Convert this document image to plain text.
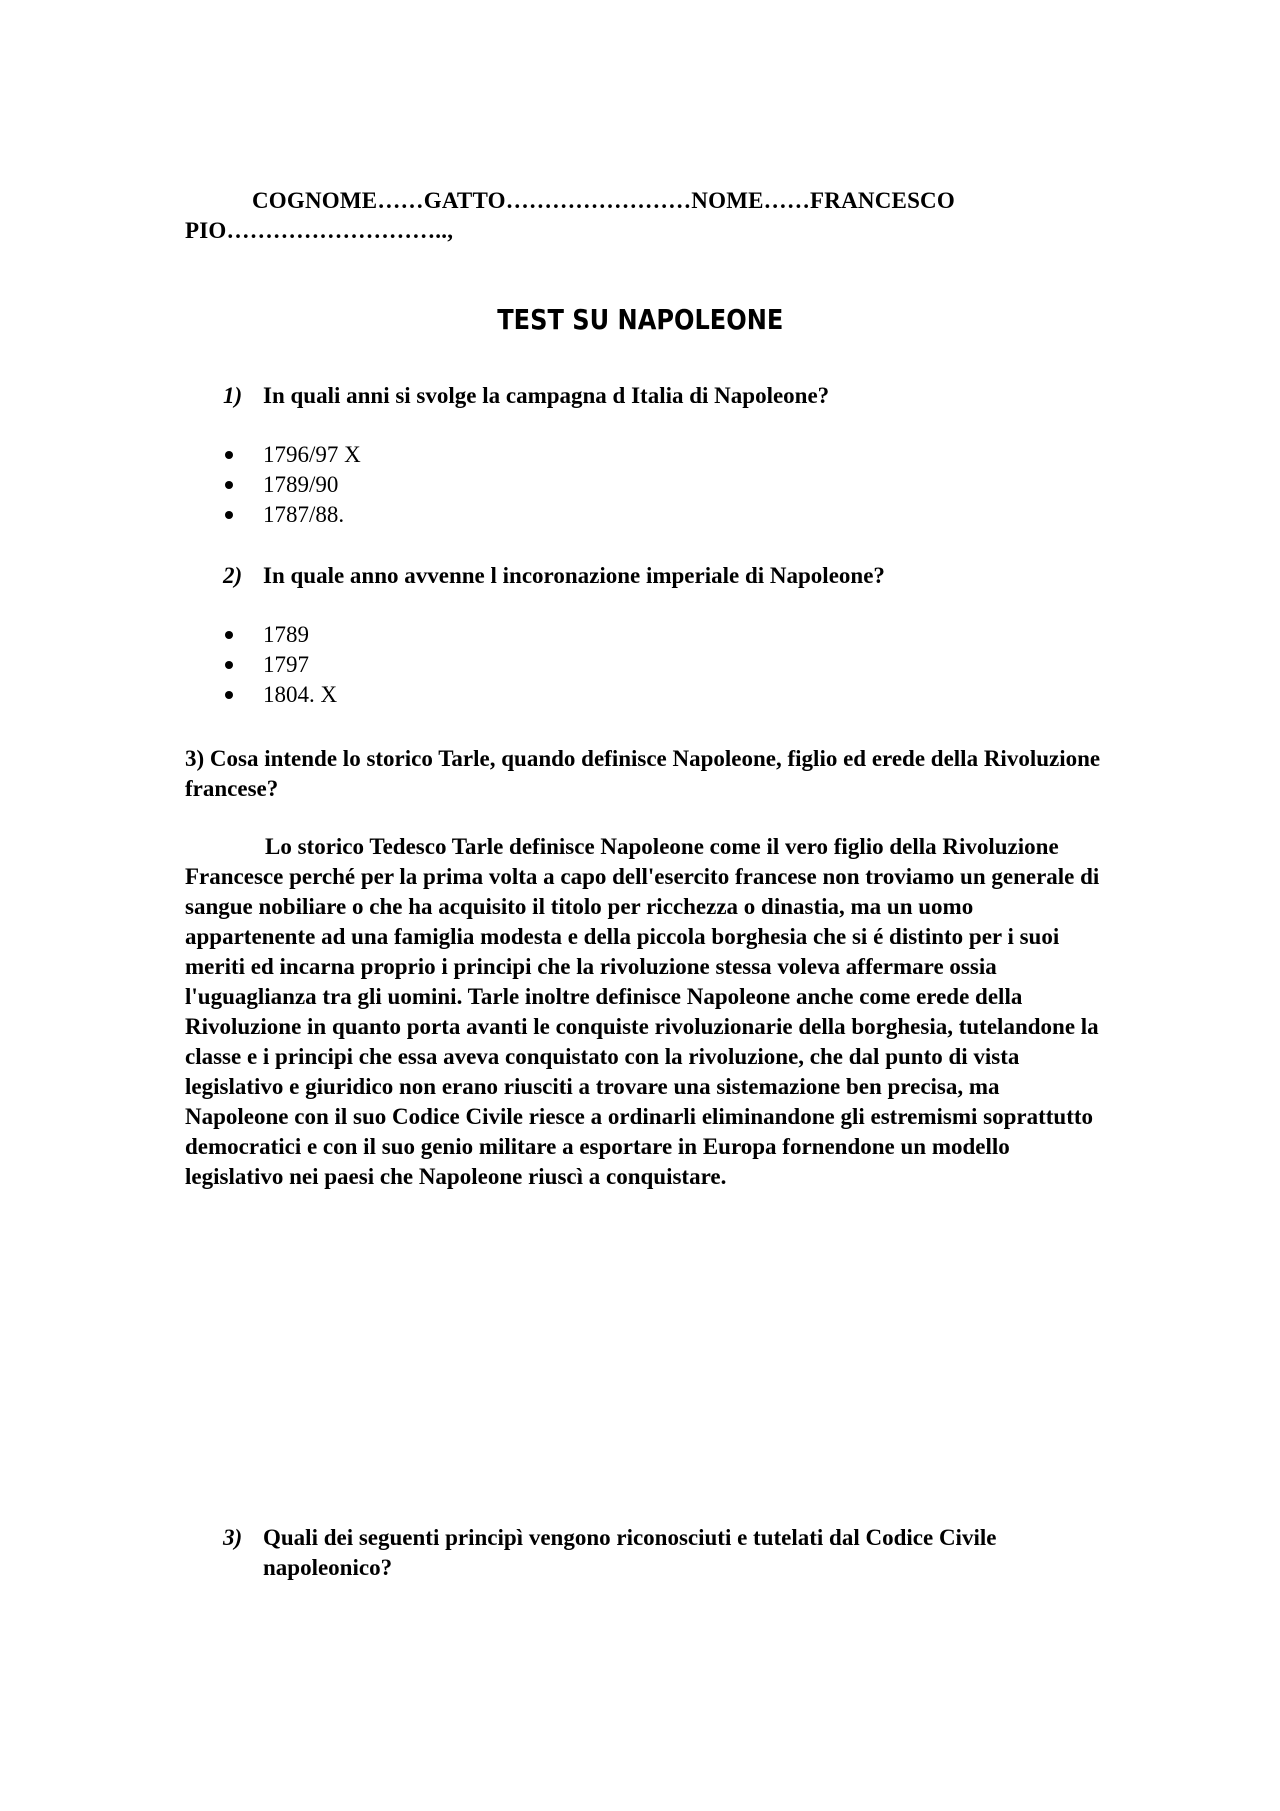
COGNOME……GATTO……………………NOME……FRANCESCO PIO………………………..,
TEST SU NAPOLEONE
1) In quali anni si svolge la campagna d Italia di Napoleone?
1796/97 X
1789/90
1787/88.
2) In quale anno avvenne l incoronazione imperiale di Napoleone?
1789
1797
1804. X
3) Cosa intende lo storico Tarle, quando definisce Napoleone, figlio ed erede della Rivoluzione francese?
Lo storico Tedesco Tarle definisce Napoleone come il vero figlio della Rivoluzione Francesce perché per la prima volta a capo dell'esercito francese non troviamo un generale di sangue nobiliare o che ha acquisito il titolo per ricchezza o dinastia, ma un uomo appartenente ad una famiglia modesta e della piccola borghesia che si é distinto per i suoi meriti ed incarna proprio i principi che la rivoluzione stessa voleva affermare ossia l'uguaglianza tra gli uomini. Tarle inoltre definisce Napoleone anche come erede della Rivoluzione in quanto porta avanti le conquiste rivoluzionarie della borghesia, tutelandone la classe e i principi che essa aveva conquistato con la rivoluzione, che dal punto di vista legislativo e giuridico non erano riusciti a trovare una sistemazione ben precisa, ma Napoleone con il suo Codice Civile riesce a ordinarli eliminandone gli estremismi soprattutto democratici e con il suo genio militare a esportare in Europa fornendone un modello legislativo nei paesi che Napoleone riuscì a conquistare.
3) Quali dei seguenti principì vengono riconosciuti e tutelati dal Codice Civile napoleonico?
